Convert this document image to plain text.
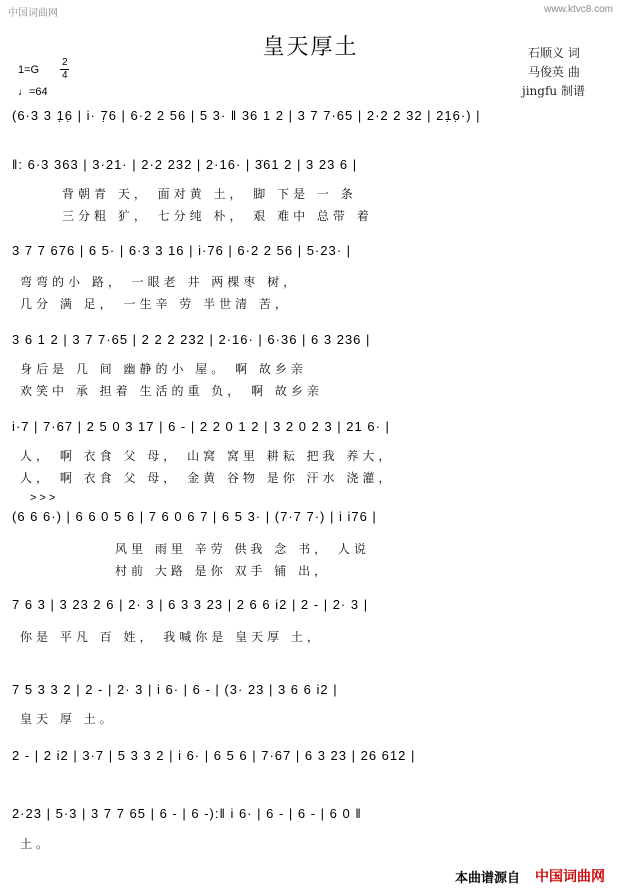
中国词曲网	www.ktvc8.com
皇天厚土	石顺义 词
马俊英 曲
jingfu 制谱
1=G
2
4
♩=64
(6·3 3 1̣6̣ | i· 7̣6 | 6·2 2 56 | 5 3· ‖ 36 1 2 | 3 7 7·65 | 2·2 2 32 | 21̣6̣·) |
‖: 6·3 363 | 3·21· | 2·2 232 | 2·16· | 3̇61 2 | 3 23 6 |
背朝青 天， 面对黄 土， 脚 下是 一 条
三分粗 犷， 七分纯 朴， 艰 难中 总带 着
3 7 7 676 | 6 5· | 6·3 3 16 | i·76 | 6·2 2 56 | 5·23· |
弯弯的小 路， 一眼老 井 两棵枣 树，
几分 满 足， 一生辛 劳 半世清 苦，
3 6 1 2 | 3 7 7·65 | 2 2 2 232 | 2·16· | 6·36 | 6 3 236 |
身后是 几 间 幽静的小 屋。 啊 故乡亲
欢笑中 承 担着 生活的重 负， 啊 故乡亲
i·7 | 7·67 | 2 5 0 3 17 | 6 - | 2 2 0 1 2 | 3 2 0 2 3 | 21 6· |
人， 啊 衣食 父 母， 山窝 窝里 耕耘 把我 养大，
人， 啊 衣食 父 母， 金黄 谷物 是你 汗水 浇灌，
> > >
(6 6 6·) | 6 6 0 5 6 | 7 6 0 6 7 | 6 5 3· | (7·7 7·) | i i76 |
风里 雨里 辛劳 供我 念 书， 人说
村前 大路 是你 双手 铺 出，
7 6 3 | 3 23 2 6 | 2· 3 | 6 3 3 23 | 2 6 6 i2 | 2 - | 2· 3 |
你是 平凡 百 姓， 我喊你是 皇天厚 土，
7 5 3 3 2 | 2 - | 2· 3 | i 6· | 6 - | (3· 23 | 3 6 6 i2 |
皇天 厚 土。
2 - | 2 i2 | 3·7 | 5 3 3 2 | i 6· | 6 5 6 | 7·67 | 6 3 23 | 26 612 |
2·23 | 5·3 | 3 7 7 65 | 6 - | 6 -):‖ i 6· | 6 - | 6 - | 6 0 ‖
土。
本曲谱源自 中国词曲网
